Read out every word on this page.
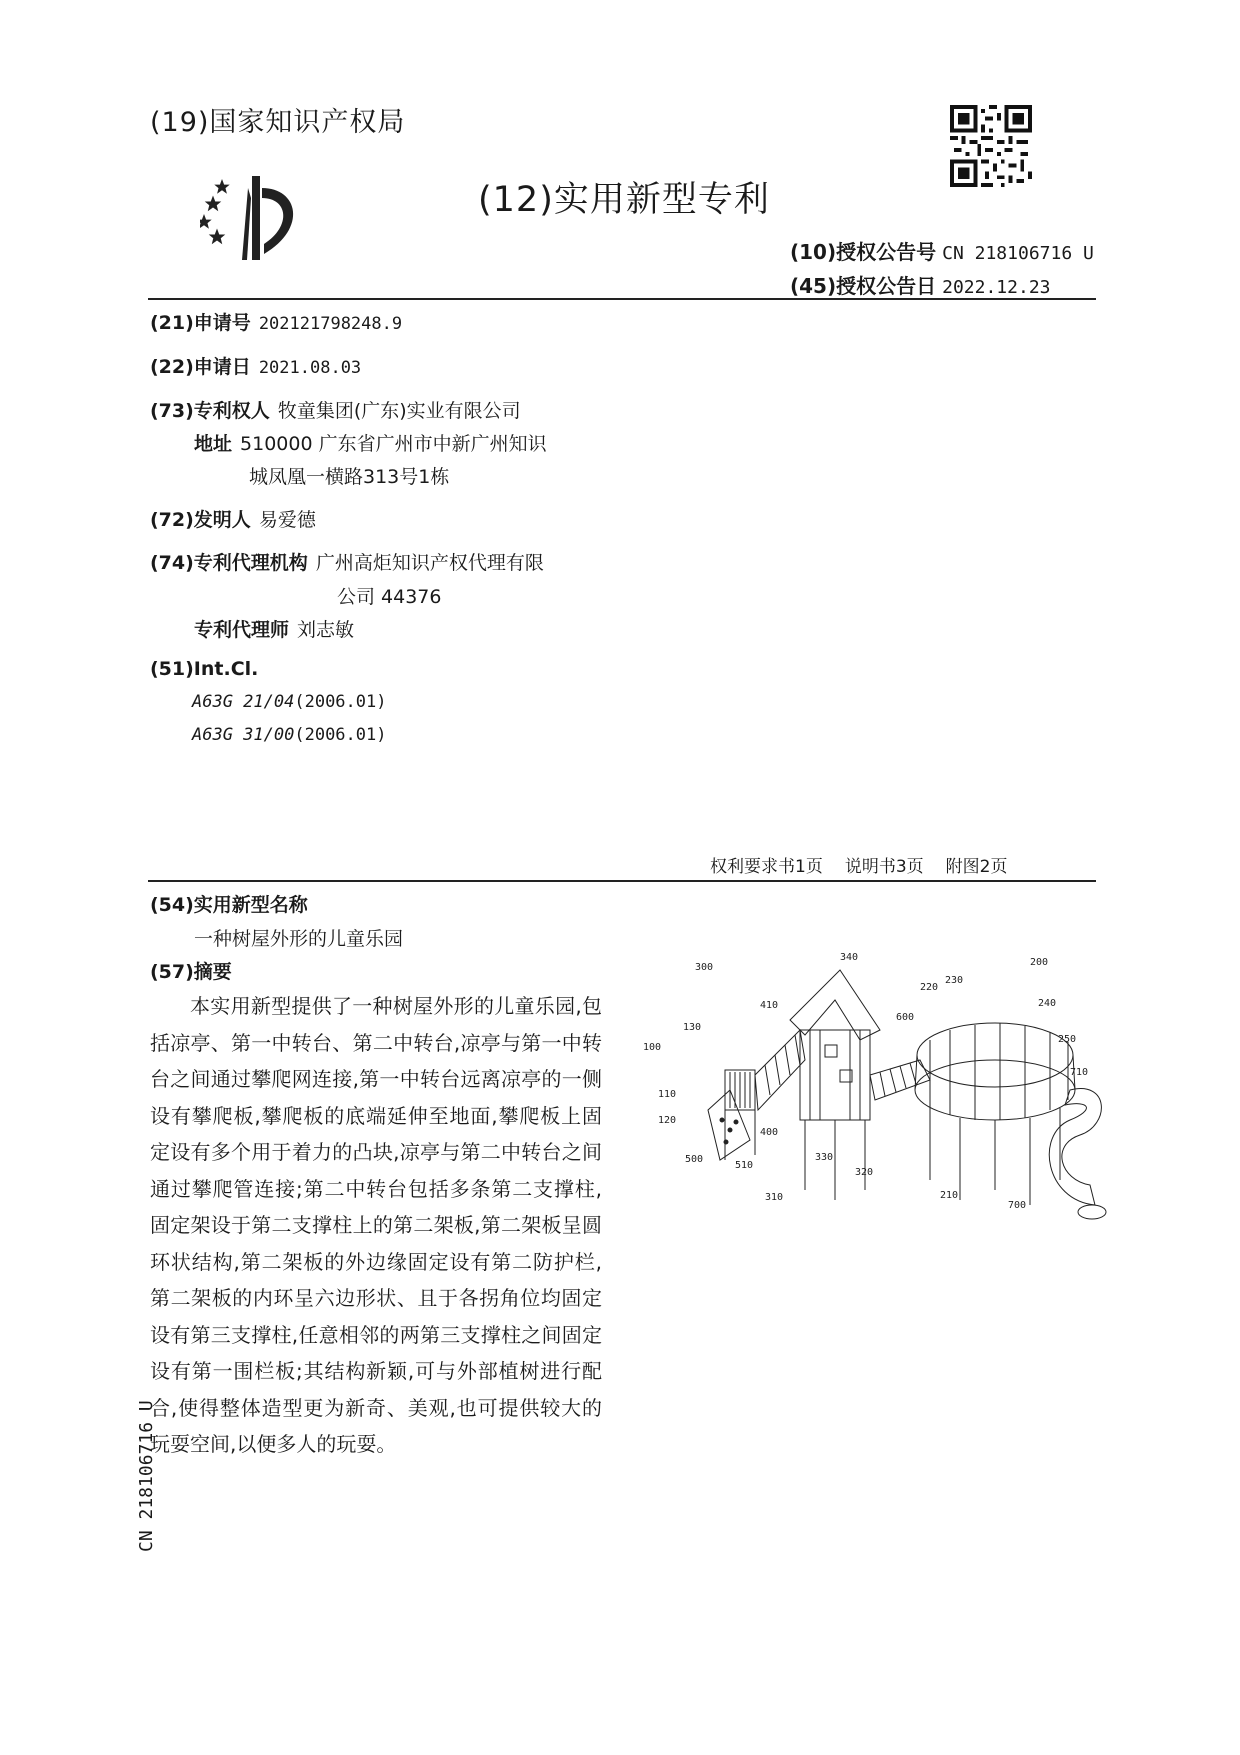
(19)国家知识产权局
(12)实用新型专利
(10)授权公告号 CN 218106716 U
(45)授权公告日 2022.12.23
(21)申请号 202121798248.9
(22)申请日 2021.08.03
(73)专利权人 牧童集团(广东)实业有限公司
地址 510000 广东省广州市中新广州知识
城凤凰一横路313号1栋
(72)发明人 易爱德
(74)专利代理机构 广州高炬知识产权代理有限
公司 44376
专利代理师 刘志敏
(51)Int.Cl.
A63G 21/04(2006.01)
A63G 31/00(2006.01)
权利要求书1页 说明书3页 附图2页
(54)实用新型名称
一种树屋外形的儿童乐园
(57)摘要
本实用新型提供了一种树屋外形的儿童乐园,包括凉亭、第一中转台、第二中转台,凉亭与第一中转台之间通过攀爬网连接,第一中转台远离凉亭的一侧设有攀爬板,攀爬板的底端延伸至地面,攀爬板上固定设有多个用于着力的凸块,凉亭与第二中转台之间通过攀爬管连接;第二中转台包括多条第二支撑柱,固定架设于第二支撑柱上的第二架板,第二架板呈圆环状结构,第二架板的外边缘固定设有第二防护栏,第二架板的内环呈六边形状、且于各拐角位均固定设有第三支撑柱,任意相邻的两第三支撑柱之间固定设有第一围栏板;其结构新颖,可与外部植树进行配合,使得整体造型更为新奇、美观,也可提供较大的玩耍空间,以便多人的玩耍。
300
340
220
230
200
410
600
240
130
250
100
710
110
400
120
330
500
510
320
310	210
700
CN 218106716 U
